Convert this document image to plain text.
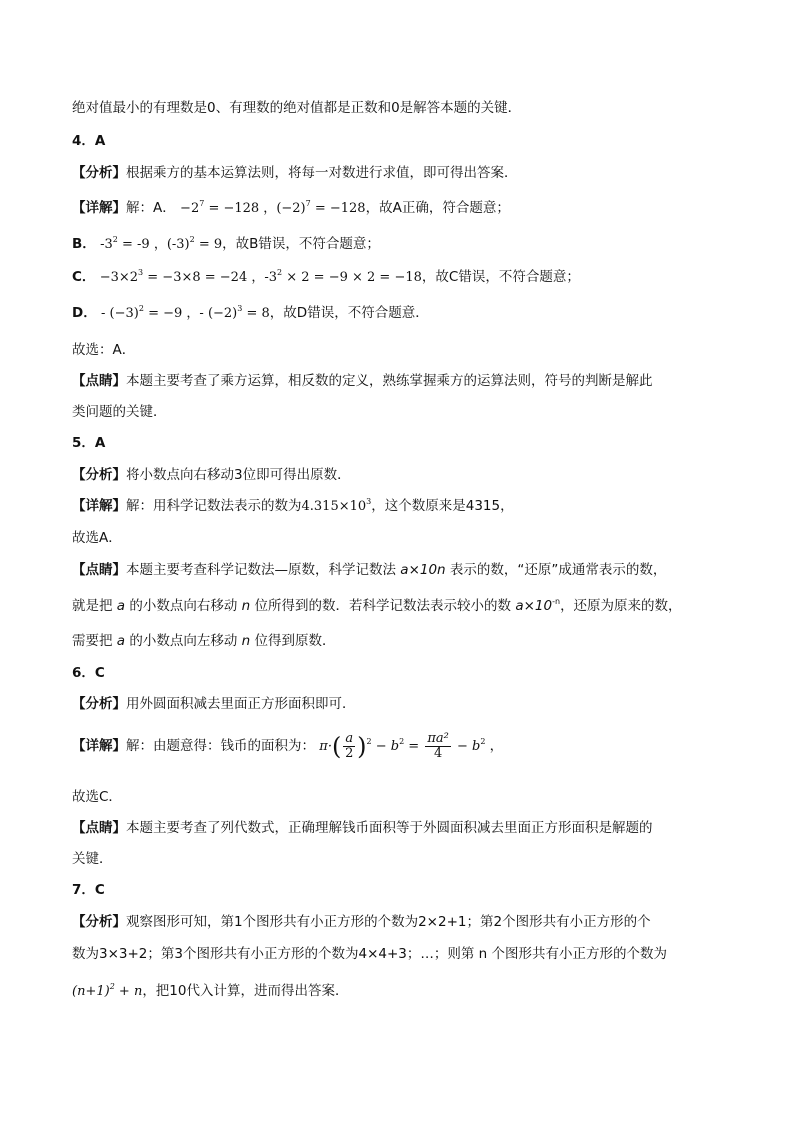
绝对值最小的有理数是0、有理数的绝对值都是正数和0是解答本题的关键．
4．A
【分析】根据乘方的基本运算法则，将每一对数进行求值，即可得出答案．
【详解】解：A． $-2^7 = -128$ ，$(-2)^7 = -128$，故A正确，符合题意；
B． $-3^2 = -9$ ，$(-3)^2 = 9$，故B错误，不符合题意；
C． $-3\times 2^3 = -3\times 8 = -24$ ，$-3^2 \times 2 = -9 \times 2 = -18$，故C错误，不符合题意；
D． - $(-3)^2 = -9$ ，- $(-2)^3 = 8$，故D错误，不符合题意．
故选：A．
【点睛】本题主要考查了乘方运算，相反数的定义，熟练掌握乘方的运算法则，符号的判断是解此
类问题的关键．
5．A
【分析】将小数点向右移动3位即可得出原数．
【详解】解：用科学记数法表示的数为$4.315\times 10^3$，这个数原来是4315，
故选A．
【点睛】本题主要考查科学记数法—原数，科学记数法 a×10n 表示的数，“还原”成通常表示的数，
就是把 a 的小数点向右移动 n 位所得到的数．若科学记数法表示较小的数 $a\times 10^{-n}$，还原为原来的数，
需要把 a 的小数点向左移动 n 位得到原数．
6．C
【分析】用外圆面积减去里面正方形面积即可．
【详解】解：由题意得：钱币的面积为： $\pi\cdot( \frac{a}{2} )^2 - b^2 = \frac{\text{πa²}}{4} - b^2$ ，
故选C．
【点睛】本题主要考查了列代数式，正确理解钱币面积等于外圆面积减去里面正方形面积是解题的
关键．
7．C
【分析】观察图形可知，第1个图形共有小正方形的个数为2×2+1；第2个图形共有小正方形的个
数为3×3+2；第3个图形共有小正方形的个数为4×4+3；…；则第 n 个图形共有小正方形的个数为
$(n+1)^2 + n$，把10代入计算，进而得出答案．
